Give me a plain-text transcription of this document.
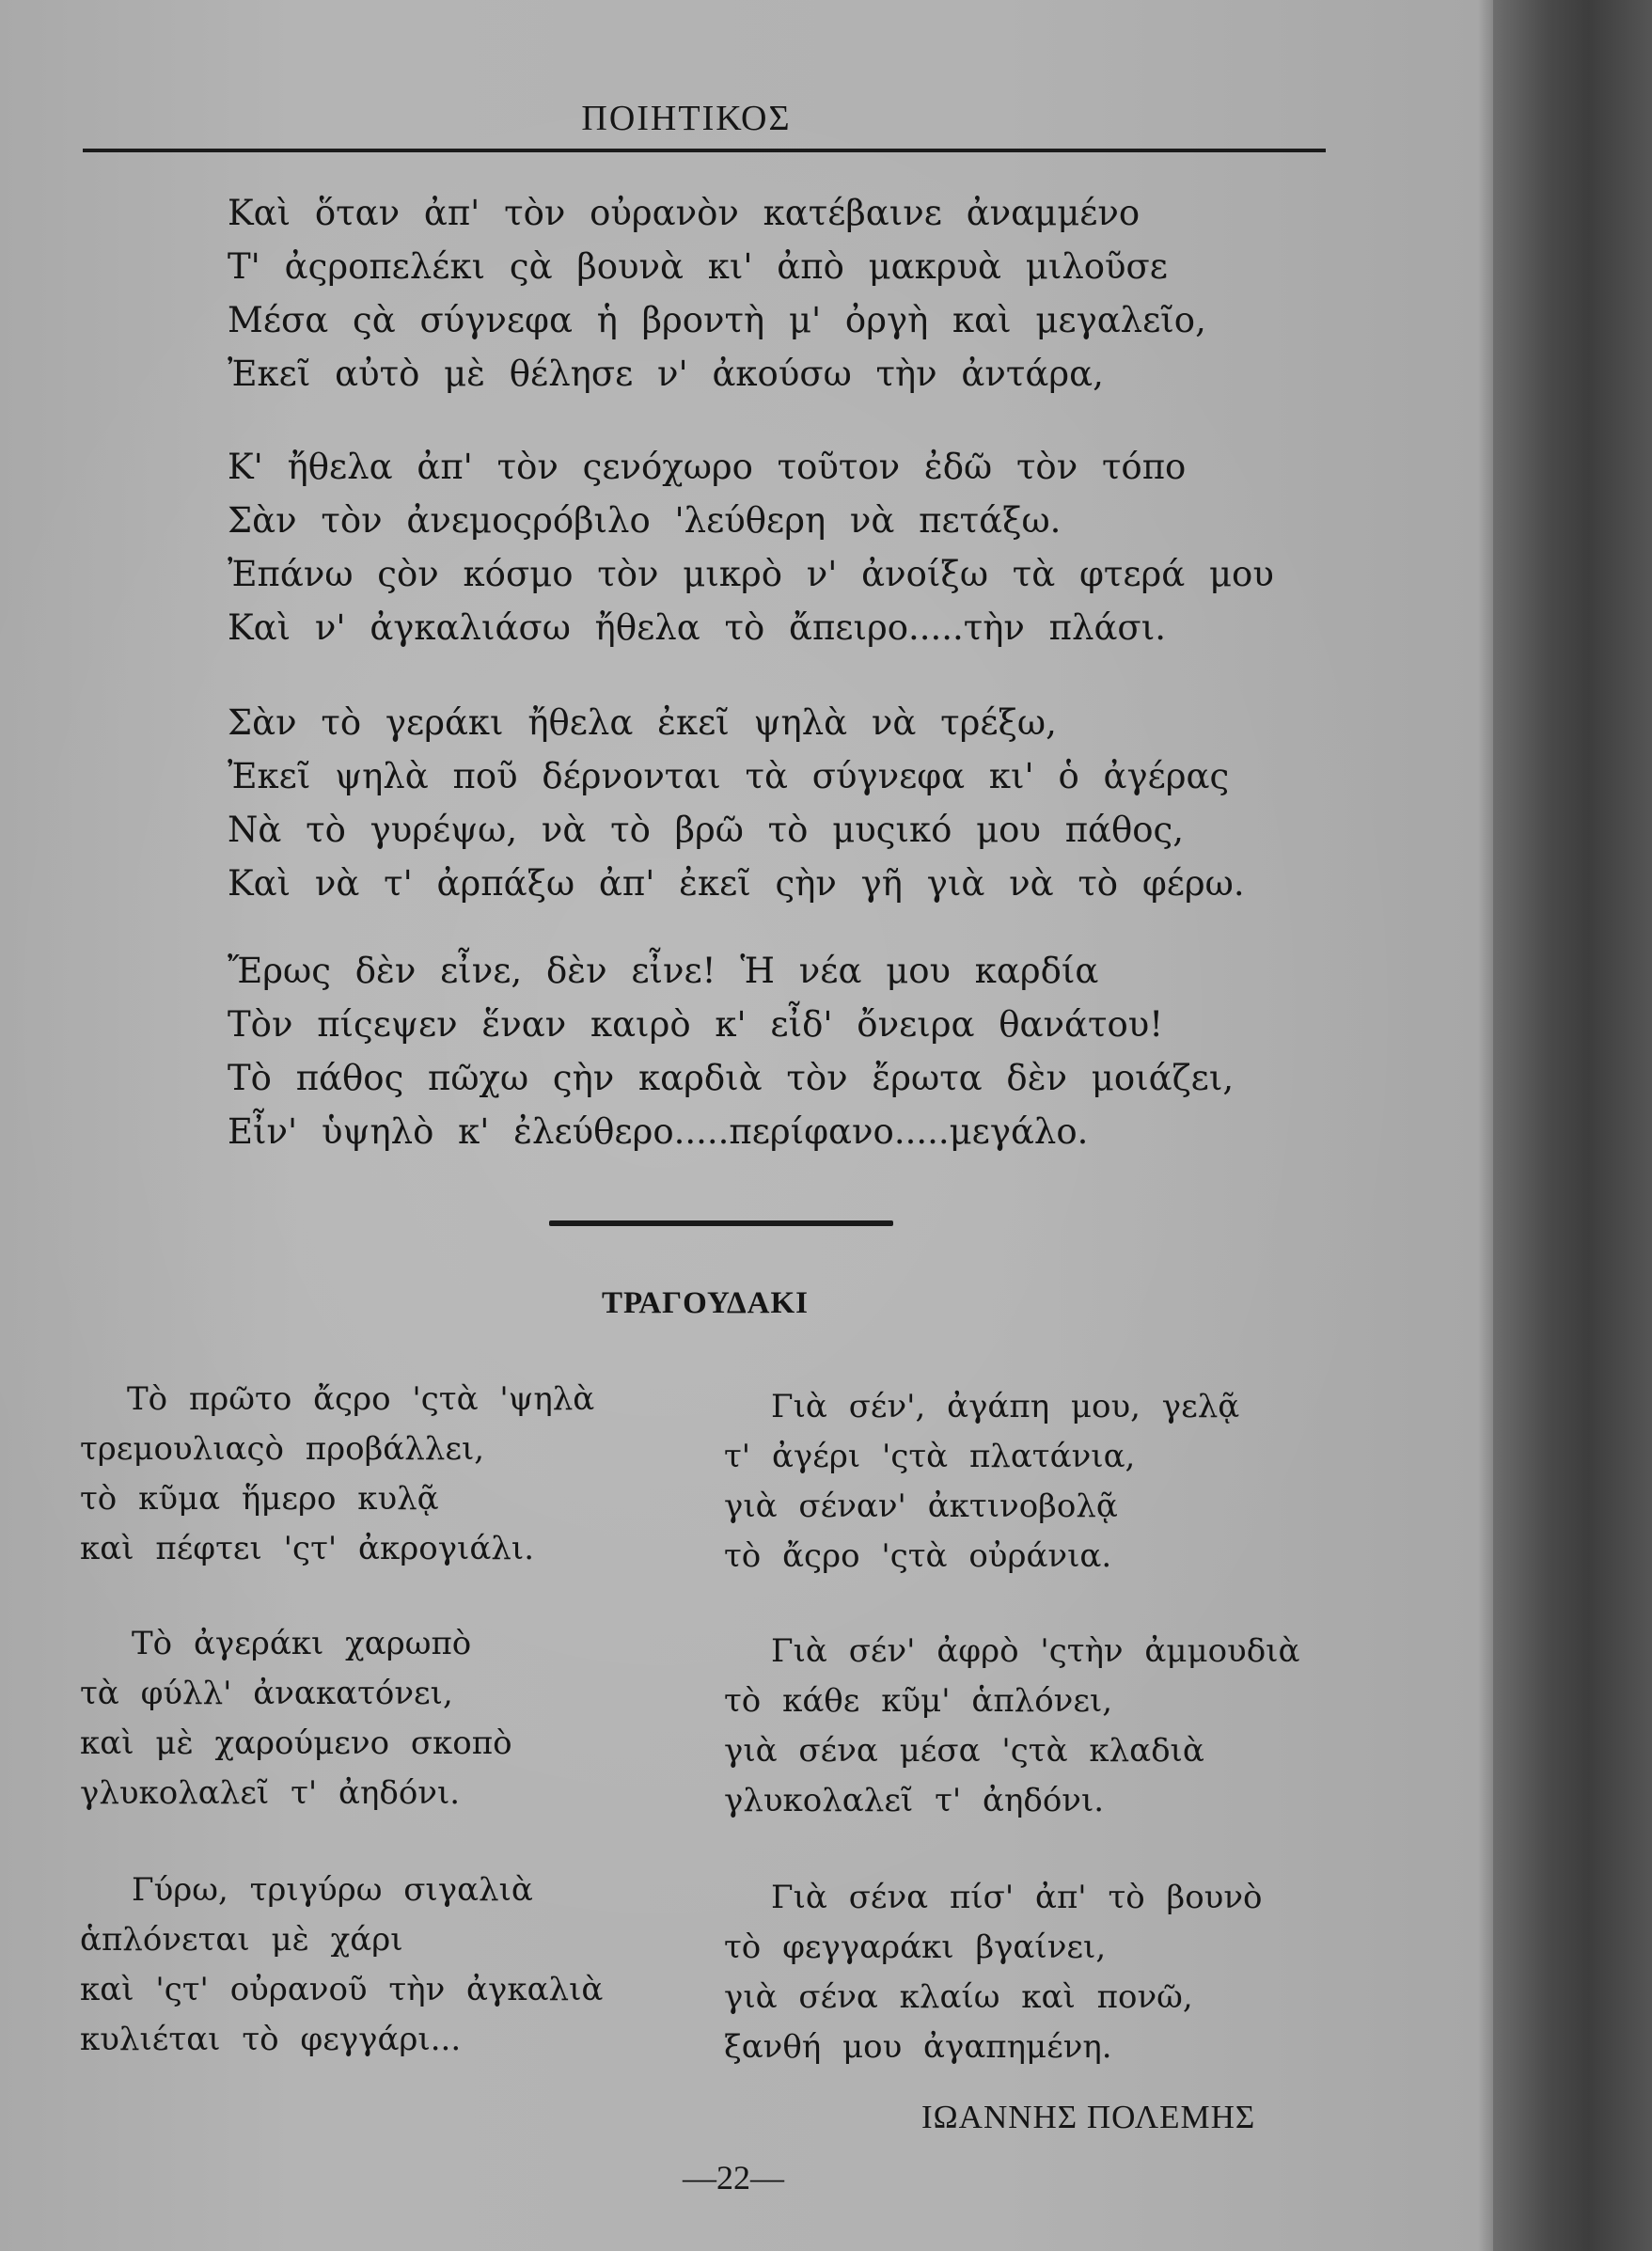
ΠΟΙΗΤΙΚΟΣ
Καὶ ὅταν ἀπ' τὸν οὐρανὸν κατέβαινε ἀναμμένο
Τ' ἀςροπελέκι ςὰ βουνὰ κι' ἀπὸ μακρυὰ μιλοῦσε
Μέσα ςὰ σύγνεφα ἡ βροντὴ μ' ὀργὴ καὶ μεγαλεῖο,
Ἐκεῖ αὐτὸ μὲ θέλησε ν' ἀκούσω τὴν ἀντάρα,
Κ' ἤθελα ἀπ' τὸν ςενόχωρο τοῦτον ἐδῶ τὸν τόπο
Σὰν τὸν ἀνεμοςρόβιλο 'λεύθερη νὰ πετάξω.
Ἐπάνω ςὸν κόσμο τὸν μικρὸ ν' ἀνοίξω τὰ φτερά μου
Καὶ ν' ἀγκαλιάσω ἤθελα τὸ ἄπειρο.....τὴν πλάσι.
Σὰν τὸ γεράκι ἤθελα ἐκεῖ ψηλὰ νὰ τρέξω,
Ἐκεῖ ψηλὰ ποῦ δέρνονται τὰ σύγνεφα κι' ὁ ἀγέρας
Νὰ τὸ γυρέψω, νὰ τὸ βρῶ τὸ μυςικό μου πάθος,
Καὶ νὰ τ' ἀρπάξω ἀπ' ἐκεῖ ςὴν γῆ γιὰ νὰ τὸ φέρω.
Ἔρως δὲν εἶνε, δὲν εἶνε! Ἡ νέα μου καρδία
Τὸν πίςεψεν ἕναν καιρὸ κ' εἶδ' ὄνειρα θανάτου!
Τὸ πάθος πῶχω ςὴν καρδιὰ τὸν ἔρωτα δὲν μοιάζει,
Εἶν' ὑψηλὸ κ' ἐλεύθερο.....περίφανο.....μεγάλο.
ΤΡΑΓΟΥΔΑΚΙ
Τὸ πρῶτο ἄςρο 'ςτὰ 'ψηλὰ
τρεμουλιαςὸ προβάλλει,
τὸ κῦμα ἥμερο κυλᾷ
καὶ πέφτει 'ςτ' ἀκρογιάλι.
Τὸ ἀγεράκι χαρωπὸ
τὰ φύλλ' ἀνακατόνει,
καὶ μὲ χαρούμενο σκοπὸ
γλυκολαλεῖ τ' ἀηδόνι.
Γύρω, τριγύρω σιγαλιὰ
ἁπλόνεται μὲ χάρι
καὶ 'ςτ' οὐρανοῦ τὴν ἀγκαλιὰ
κυλιέται τὸ φεγγάρι...
Γιὰ σέν', ἀγάπη μου, γελᾷ
τ' ἀγέρι 'ςτὰ πλατάνια,
γιὰ σέναν' ἀκτινοβολᾷ
τὸ ἄςρο 'ςτὰ οὐράνια.
Γιὰ σέν' ἀφρὸ 'ςτὴν ἀμμουδιὰ
τὸ κάθε κῦμ' ἁπλόνει,
γιὰ σένα μέσα 'ςτὰ κλαδιὰ
γλυκολαλεῖ τ' ἀηδόνι.
Γιὰ σένα πίσ' ἀπ' τὸ βουνὸ
τὸ φεγγαράκι βγαίνει,
γιὰ σένα κλαίω καὶ πονῶ,
ξανθή μου ἀγαπημένη.
ΙΩΑΝΝΗΣ ΠΟΛΕΜΗΣ
—22—
